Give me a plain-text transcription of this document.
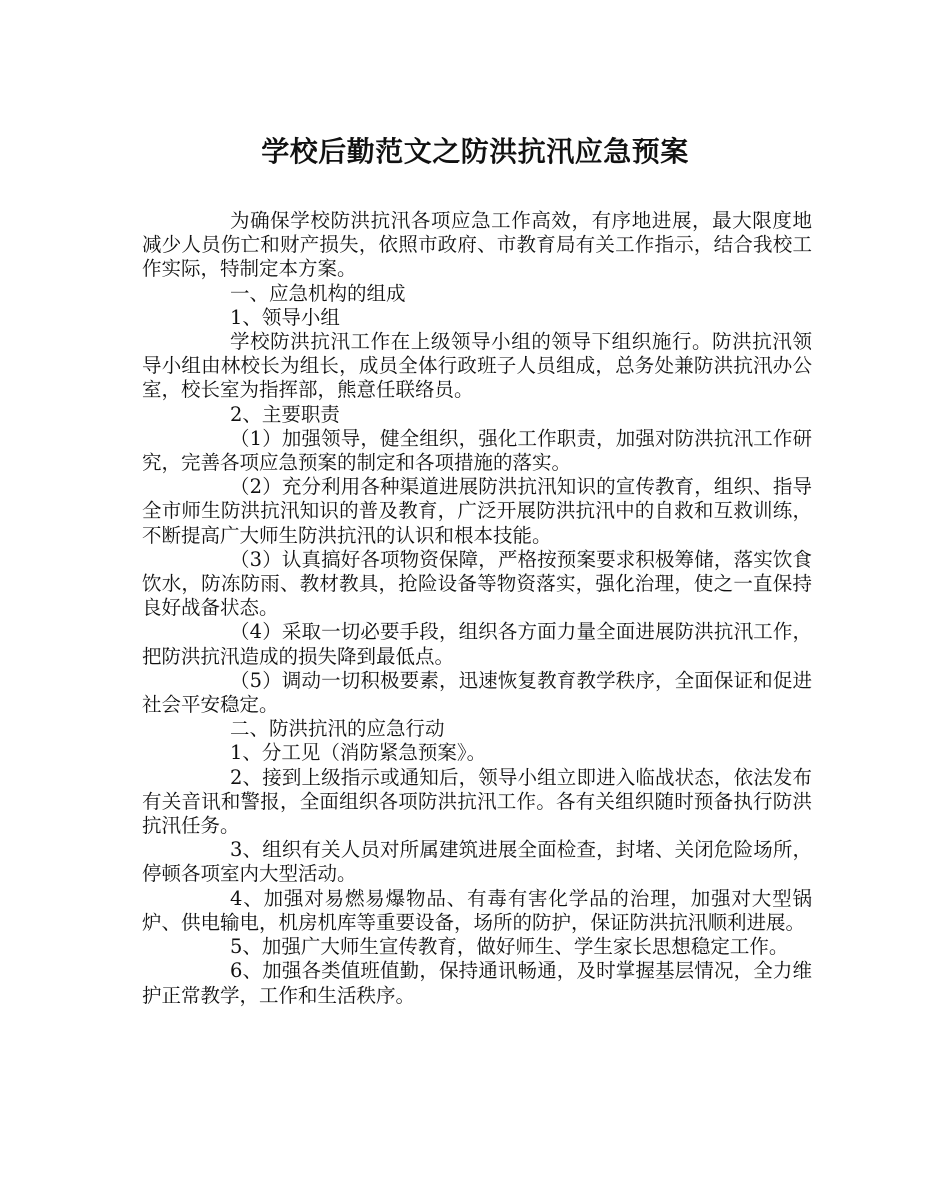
学校后勤范文之防洪抗汛应急预案

为确保学校防洪抗汛各项应急工作高效，有序地进展，最大限度地减少人员伤亡和财产损失，依照市政府、市教育局有关工作指示，结合我校工作实际，特制定本方案。

一、应急机构的组成

1、领导小组

学校防洪抗汛工作在上级领导小组的领导下组织施行。防洪抗汛领导小组由林校长为组长，成员全体行政班子人员组成，总务处兼防洪抗汛办公室，校长室为指挥部，熊意任联络员。

2、主要职责

（1）加强领导，健全组织，强化工作职责，加强对防洪抗汛工作研究，完善各项应急预案的制定和各项措施的落实。

（2）充分利用各种渠道进展防洪抗汛知识的宣传教育，组织、指导全市师生防洪抗汛知识的普及教育，广泛开展防洪抗汛中的自救和互救训练，不断提高广大师生防洪抗汛的认识和根本技能。

（3）认真搞好各项物资保障，严格按预案要求积极筹储，落实饮食饮水，防冻防雨、教材教具，抢险设备等物资落实，强化治理，使之一直保持良好战备状态。

（4）采取一切必要手段，组织各方面力量全面进展防洪抗汛工作，把防洪抗汛造成的损失降到最低点。

（5）调动一切积极要素，迅速恢复教育教学秩序，全面保证和促进社会平安稳定。

二、防洪抗汛的应急行动

1、分工见（消防紧急预案》。

2、接到上级指示或通知后，领导小组立即进入临战状态，依法发布有关音讯和警报，全面组织各项防洪抗汛工作。各有关组织随时预备执行防洪抗汛任务。

3、组织有关人员对所属建筑进展全面检查，封堵、关闭危险场所，停顿各项室内大型活动。

4、加强对易燃易爆物品、有毒有害化学品的治理，加强对大型锅炉、供电输电，机房机库等重要设备，场所的防护，保证防洪抗汛顺利进展。

5、加强广大师生宣传教育，做好师生、学生家长思想稳定工作。

6、加强各类值班值勤，保持通讯畅通，及时掌握基层情况，全力维护正常教学，工作和生活秩序。
